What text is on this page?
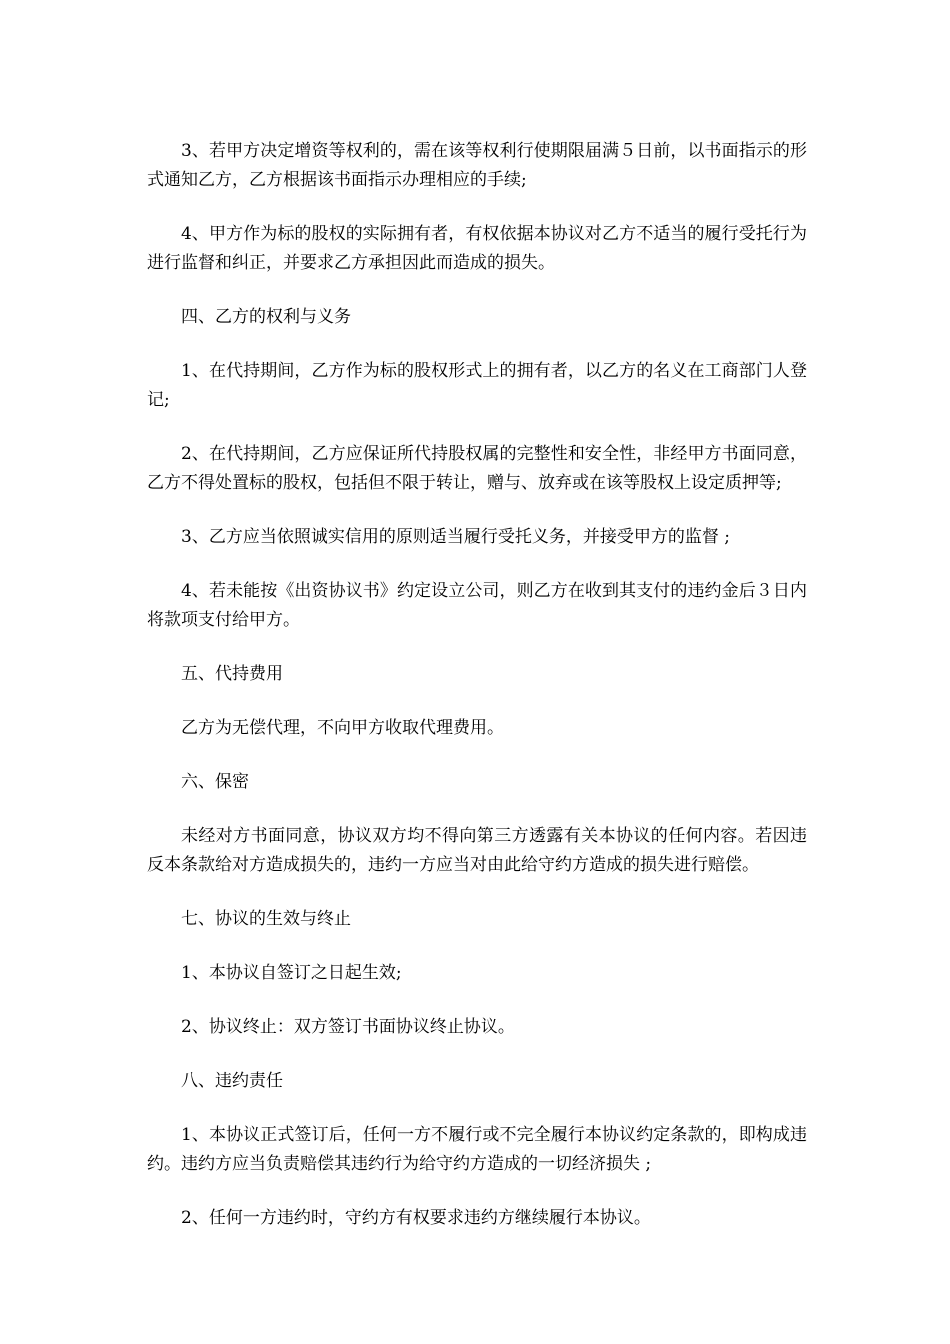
3、若甲方决定增资等权利的，需在该等权利行使期限届满５日前，以书面指示的形式通知乙方，乙方根据该书面指示办理相应的手续;

4、甲方作为标的股权的实际拥有者，有权依据本协议对乙方不适当的履行受托行为进行监督和纠正，并要求乙方承担因此而造成的损失。

四、乙方的权利与义务

1、在代持期间，乙方作为标的股权形式上的拥有者，以乙方的名义在工商部门人登记;

2、在代持期间，乙方应保证所代持股权属的完整性和安全性，非经甲方书面同意，乙方不得处置标的股权，包括但不限于转让，赠与、放弃或在该等股权上设定质押等;

3、乙方应当依照诚实信用的原则适当履行受托义务，并接受甲方的监督 ;

4、若未能按《出资协议书》约定设立公司，则乙方在收到其支付的违约金后３日内将款项支付给甲方。

五、代持费用

乙方为无偿代理，不向甲方收取代理费用。

六、保密

未经对方书面同意，协议双方均不得向第三方透露有关本协议的任何内容。若因违反本条款给对方造成损失的，违约一方应当对由此给守约方造成的损失进行赔偿。

七、协议的生效与终止

1、本协议自签订之日起生效;

2、协议终止：双方签订书面协议终止协议。

八、违约责任

1、本协议正式签订后，任何一方不履行或不完全履行本协议约定条款的，即构成违约。违约方应当负责赔偿其违约行为给守约方造成的一切经济损失 ;

2、任何一方违约时，守约方有权要求违约方继续履行本协议。
